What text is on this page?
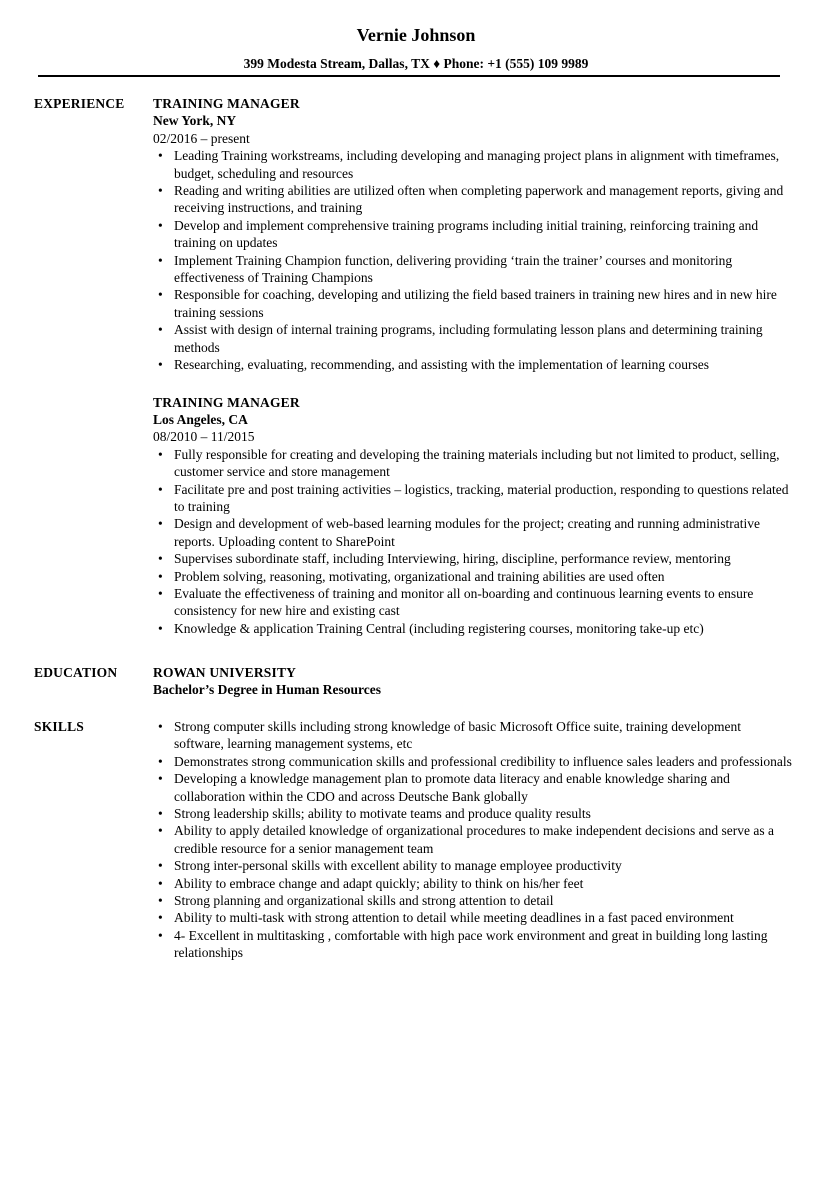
Vernie Johnson
399 Modesta Stream, Dallas, TX ♦ Phone: +1 (555) 109 9989
EXPERIENCE TRAINING MANAGER
New York, NY
02/2016 – present
• Leading Training workstreams, including developing and managing project plans in alignment with timeframes, budget, scheduling and resources
• Reading and writing abilities are utilized often when completing paperwork and management reports, giving and receiving instructions, and training
• Develop and implement comprehensive training programs including initial training, reinforcing training and training on updates
• Implement Training Champion function, delivering providing ‘train the trainer’ courses and monitoring effectiveness of Training Champions
• Responsible for coaching, developing and utilizing the field based trainers in training new hires and in new hire training sessions
• Assist with design of internal training programs, including formulating lesson plans and determining training methods
• Researching, evaluating, recommending, and assisting with the implementation of learning courses
TRAINING MANAGER
Los Angeles, CA
08/2010 – 11/2015
• Fully responsible for creating and developing the training materials including but not limited to product, selling, customer service and store management
• Facilitate pre and post training activities – logistics, tracking, material production, responding to questions related to training
• Design and development of web-based learning modules for the project; creating and running administrative reports. Uploading content to SharePoint
• Supervises subordinate staff, including Interviewing, hiring, discipline, performance review, mentoring
• Problem solving, reasoning, motivating, organizational and training abilities are used often
• Evaluate the effectiveness of training and monitor all on-boarding and continuous learning events to ensure consistency for new hire and existing cast
• Knowledge & application Training Central (including registering courses, monitoring take-up etc)
EDUCATION	ROWAN UNIVERSITY
Bachelor’s Degree in Human Resources
SKILLS
•	Strong computer skills including strong knowledge of basic Microsoft Office suite, training development software, learning management systems, etc
• Demonstrates strong communication skills and professional credibility to influence sales leaders and professionals
• Developing a knowledge management plan to promote data literacy and enable knowledge sharing and collaboration within the CDO and across Deutsche Bank globally
• Strong leadership skills; ability to motivate teams and produce quality results
• Ability to apply detailed knowledge of organizational procedures to make independent decisions and serve as a credible resource for a senior management team
• Strong inter-personal skills with excellent ability to manage employee productivity
• Ability to embrace change and adapt quickly; ability to think on his/her feet
• Strong planning and organizational skills and strong attention to detail
• Ability to multi-task with strong attention to detail while meeting deadlines in a fast paced environment
• 4- Excellent in multitasking , comfortable with high pace work environment and great in building long lasting relationships
